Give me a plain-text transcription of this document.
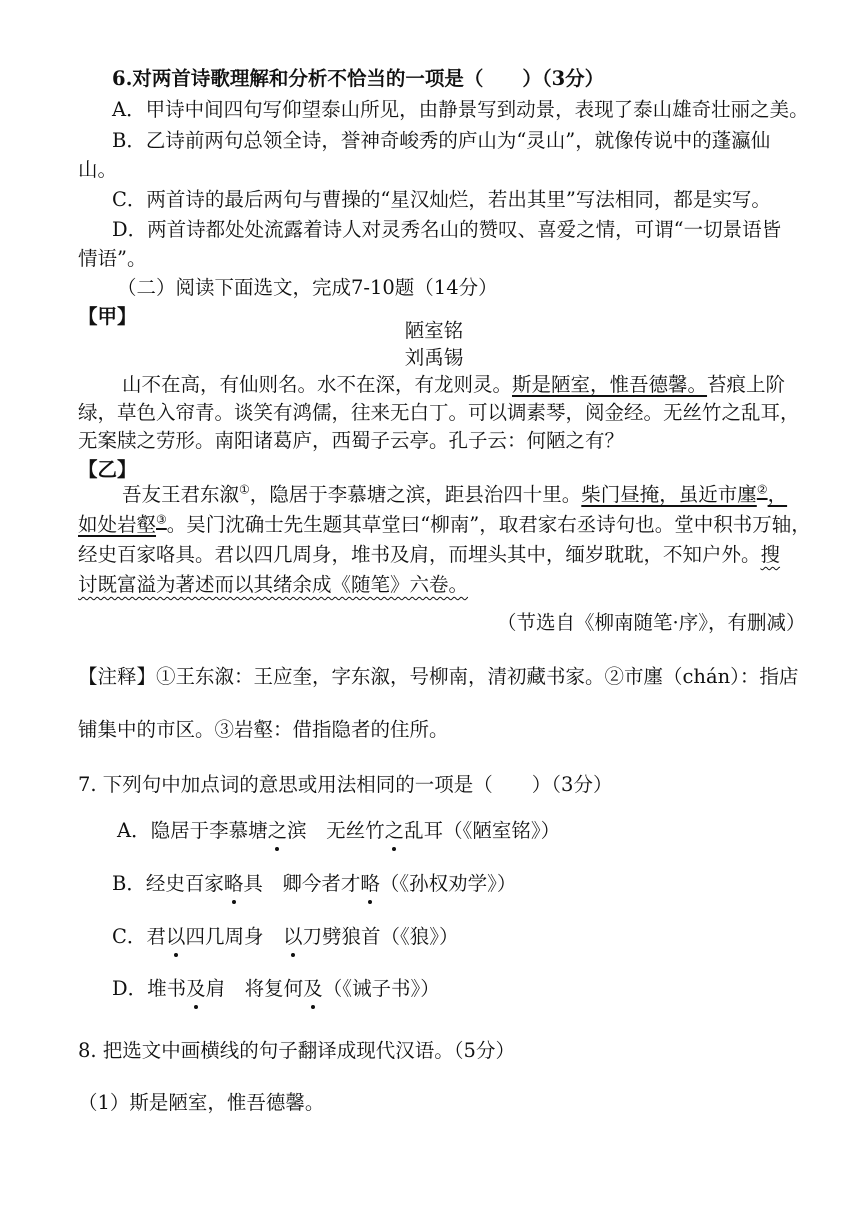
6.对两首诗歌理解和分析不恰当的一项是（　　）（3分）
A．甲诗中间四句写仰望泰山所见，由静景写到动景，表现了泰山雄奇壮丽之美。
B．乙诗前两句总领全诗，誉神奇峻秀的庐山为“灵山”，就像传说中的蓬瀛仙
山。
C．两首诗的最后两句与曹操的“星汉灿烂，若出其里”写法相同，都是实写。
D．两首诗都处处流露着诗人对灵秀名山的赞叹、喜爱之情，可谓“一切景语皆
情语”。
（二）阅读下面选文，完成7-10题（14分）
【甲】
陋室铭
刘禹锡
山不在高，有仙则名。水不在深，有龙则灵。斯是陋室，惟吾德馨。苔痕上阶
绿，草色入帘青。谈笑有鸿儒，往来无白丁。可以调素琴，阅金经。无丝竹之乱耳，
无案牍之劳形。南阳诸葛庐，西蜀子云亭。孔子云：何陋之有？
【乙】
吾友王君东溆①，隐居于李慕塘之滨，距县治四十里。柴门昼掩，虽近市廛②，
如处岩壑③。吴门沈确士先生题其草堂曰“柳南”，取君家右丞诗句也。堂中积书万轴，
经史百家咯具。君以四几周身，堆书及肩，而埋头其中，缅岁耽耽，不知户外。搜
讨既富溢为著述而以其绪余成《随笔》六卷。
（节选自《柳南随笔·序》，有删减）
【注释】①王东溆：王应奎，字东溆，号柳南，清初藏书家。②市廛（chán）：指店
铺集中的市区。③岩壑：借指隐者的住所。
7. 下列句中加点词的意思或用法相同的一项是（　　）（3分）
A．隐居于李慕塘之滨　无丝竹之乱耳（《陋室铭》）
B．经史百家略具　卿今者才略（《孙权劝学》）
C．君以四几周身　以刀劈狼首（《狼》）
D．堆书及肩　将复何及（《诫子书》）
8. 把选文中画横线的句子翻译成现代汉语。（5分）
（1）斯是陋室，惟吾德馨。
